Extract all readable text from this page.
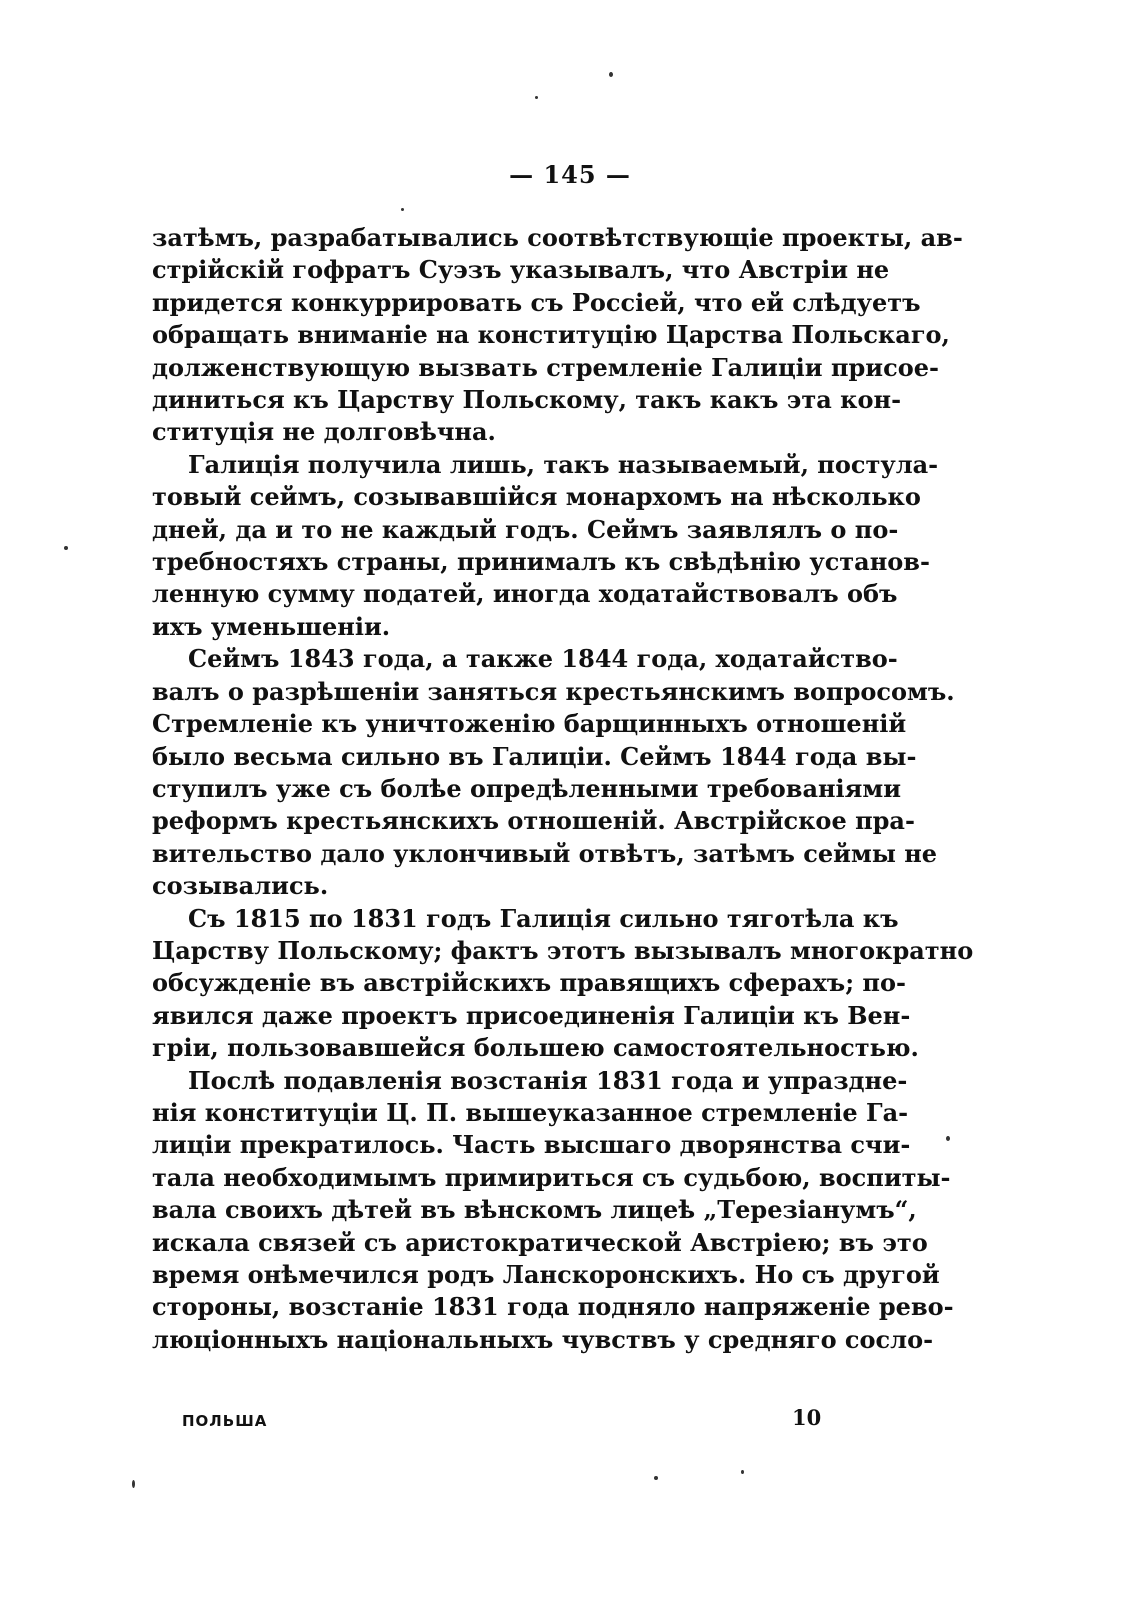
— 145 —
затѣмъ, разрабатывались соотвѣтствующіе проекты, ав-
стрійскій гофратъ Суэзъ указывалъ, что Австріи не
придется конкуррировать съ Россіей, что ей слѣдуетъ
обращать вниманіе на конституцію Царства Польскаго,
долженствующую вызвать стремленіе Галиціи присое-
диниться къ Царству Польскому, такъ какъ эта кон-
ституція не долговѣчна.
Галиція получила лишь, такъ называемый, постула-
товый сеймъ, созывавшійся монархомъ на нѣсколько
дней, да и то не каждый годъ. Сеймъ заявлялъ о по-
требностяхъ страны, принималъ къ свѣдѣнію установ-
ленную сумму податей, иногда ходатайствовалъ объ
ихъ уменьшеніи.
Сеймъ 1843 года, а также 1844 года, ходатайство-
валъ о разрѣшеніи заняться крестьянскимъ вопросомъ.
Стремленіе къ уничтоженію барщинныхъ отношеній
было весьма сильно въ Галиціи. Сеймъ 1844 года вы-
ступилъ уже съ болѣе опредѣленными требованіями
реформъ крестьянскихъ отношеній. Австрійское пра-
вительство дало уклончивый отвѣтъ, затѣмъ сеймы не
созывались.
Съ 1815 по 1831 годъ Галиція сильно тяготѣла къ
Царству Польскому; фактъ этотъ вызывалъ многократно
обсужденіе въ австрійскихъ правящихъ сферахъ; по-
явился даже проектъ присоединенія Галиціи къ Вен-
гріи, пользовавшейся большею самостоятельностью.
Послѣ подавленія возстанія 1831 года и упраздне-
нія конституціи Ц. П. вышеуказанное стремленіе Га-
лиціи прекратилось. Часть высшаго дворянства счи-
тала необходимымъ примириться съ судьбою, воспиты-
вала своихъ дѣтей въ вѣнскомъ лицеѣ „Терезіанумъ“,
искала связей съ аристократической Австріею; въ это
время онѣмечился родъ Ланскоронскихъ. Но съ другой
стороны, возстаніе 1831 года подняло напряженіе рево-
люціонныхъ національныхъ чувствъ у средняго сосло-
ПОЛЬША	10
